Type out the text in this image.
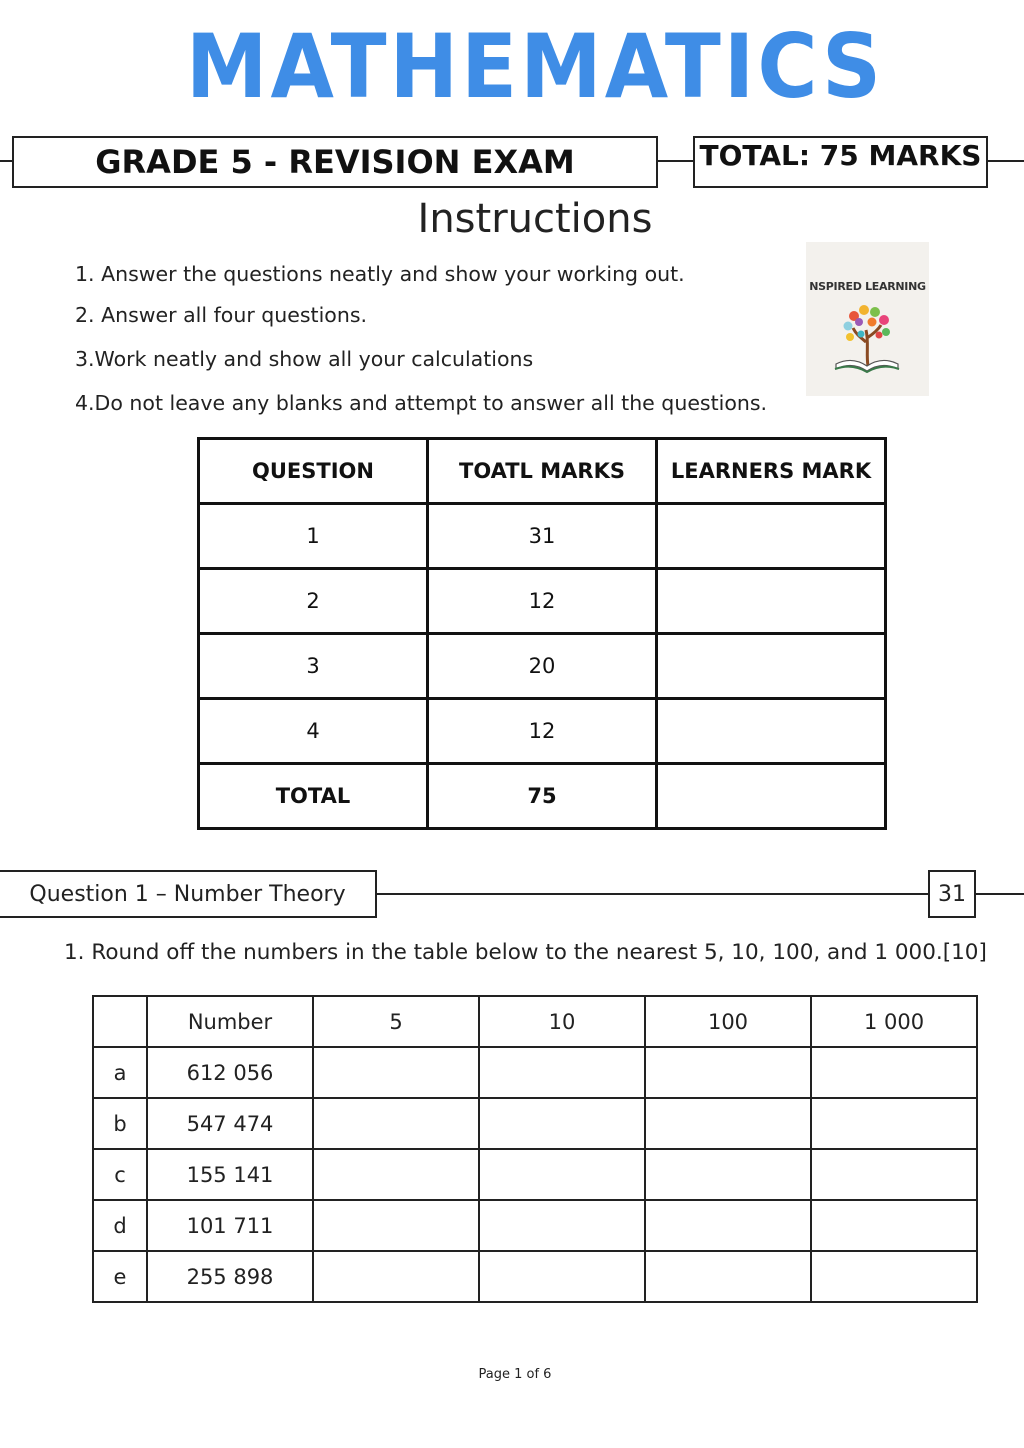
MATHEMATICS
GRADE 5 - REVISION EXAM	TOTAL: 75 MARKS
Instructions
1. Answer the questions neatly and show your working out.
2. Answer all four questions.
3.Work neatly and show all your calculations
4.Do not leave any blanks and attempt to answer all the questions.
NSPIRED LEARNING
QUESTION	TOATL MARKS	LEARNERS MARK
1	31	
2	12	
3	20	
4	12	
TOTAL	75	
Question 1 – Number Theory	31
1. Round off the numbers in the table below to the nearest 5, 10, 100, and 1 000.[10]
	Number	5	10	100	1 000
a	612 056				
b	547 474				
c	155 141				
d	101 711				
e	255 898				
Page 1 of 6
